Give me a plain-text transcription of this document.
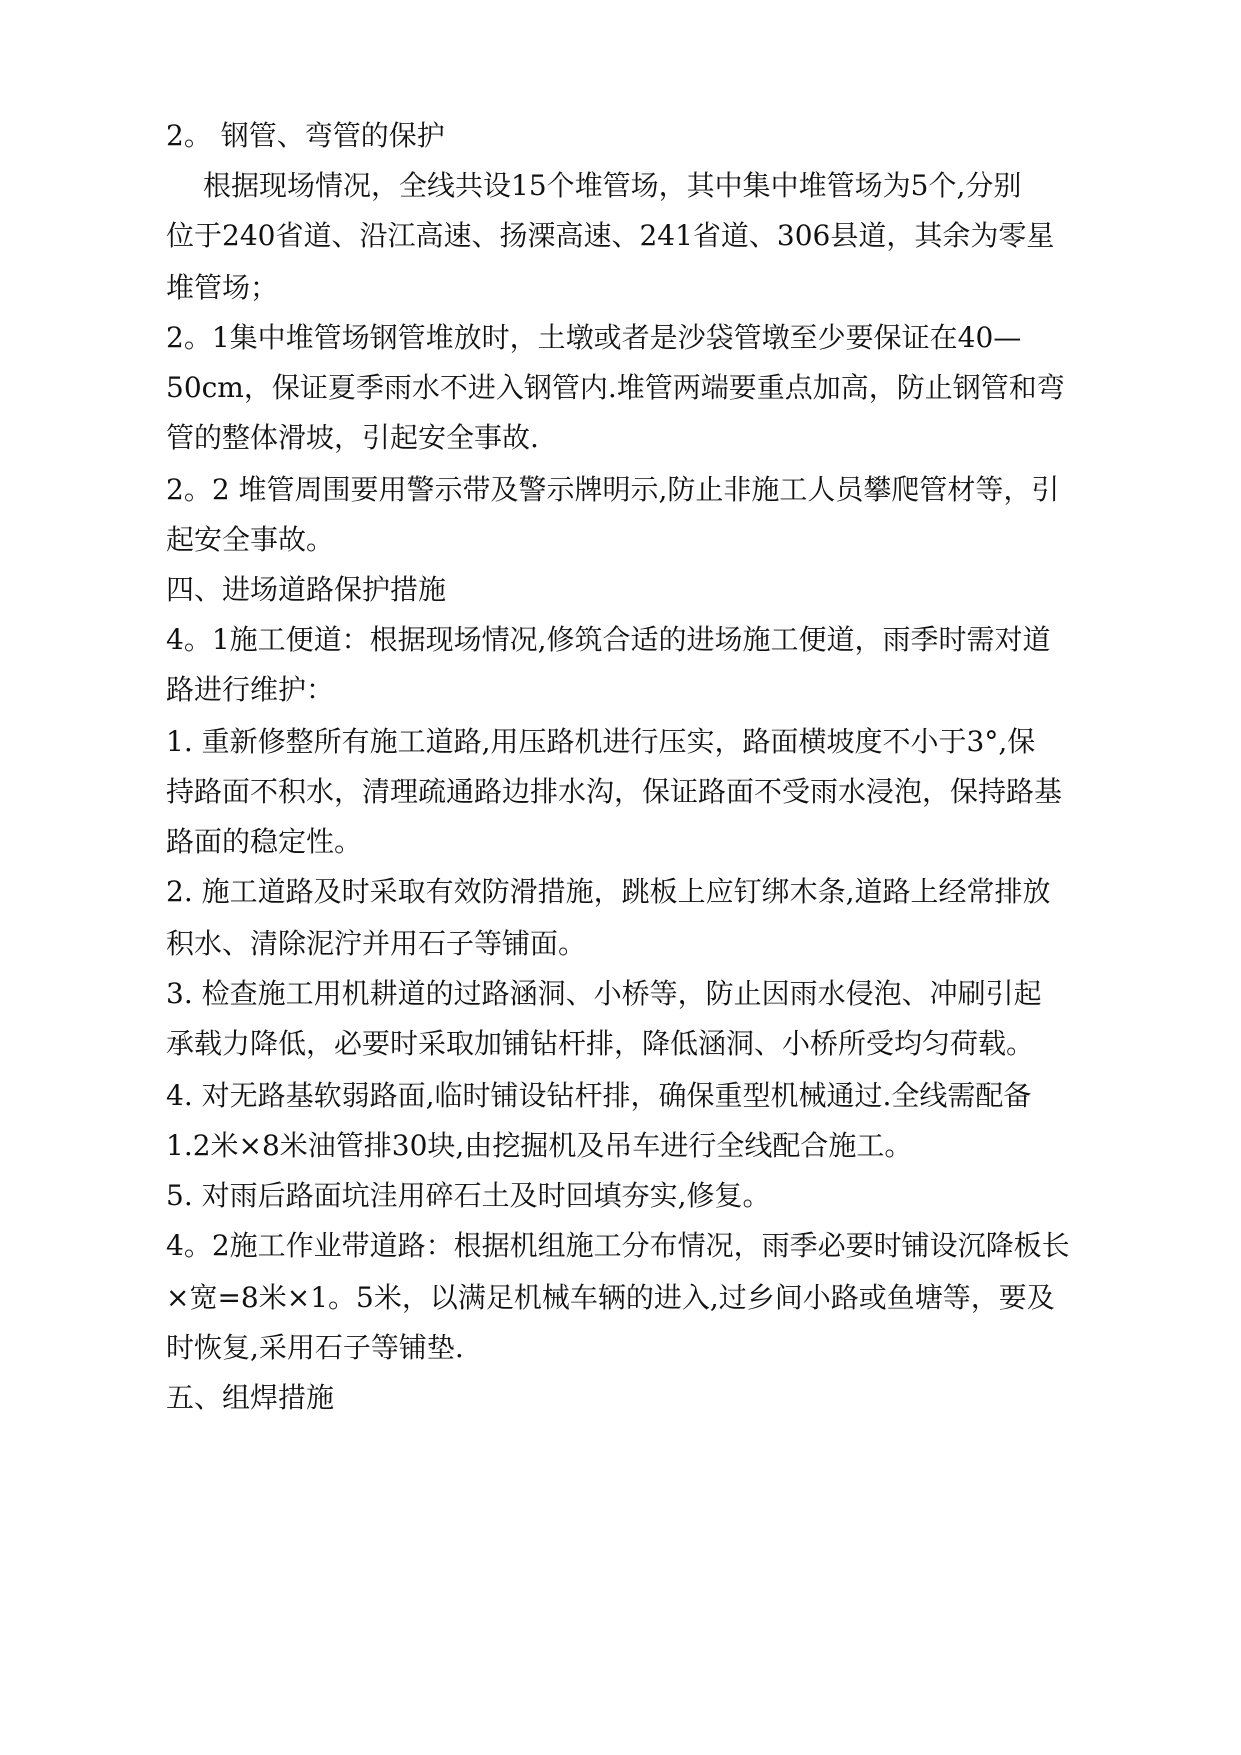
2。 钢管、弯管的保护
根据现场情况，全线共设15个堆管场，其中集中堆管场为5个,分别
位于240省道、沿江高速、扬溧高速、241省道、306县道，其余为零星
堆管场；
2。1集中堆管场钢管堆放时，土墩或者是沙袋管墩至少要保证在40—
50cm，保证夏季雨水不进入钢管内.堆管两端要重点加高，防止钢管和弯
管的整体滑坡，引起安全事故.
2。2 堆管周围要用警示带及警示牌明示,防止非施工人员攀爬管材等，引
起安全事故。
四、进场道路保护措施
4。1施工便道：根据现场情况,修筑合适的进场施工便道，雨季时需对道
路进行维护：
1. 重新修整所有施工道路,用压路机进行压实，路面横坡度不小于3°,保
持路面不积水，清理疏通路边排水沟，保证路面不受雨水浸泡，保持路基
路面的稳定性。
2. 施工道路及时采取有效防滑措施，跳板上应钉绑木条,道路上经常排放
积水、清除泥泞并用石子等铺面。
3. 检查施工用机耕道的过路涵洞、小桥等，防止因雨水侵泡、冲刷引起
承载力降低，必要时采取加铺钻杆排，降低涵洞、小桥所受均匀荷载。
4. 对无路基软弱路面,临时铺设钻杆排，确保重型机械通过.全线需配备
1.2米×8米油管排30块,由挖掘机及吊车进行全线配合施工。
5. 对雨后路面坑洼用碎石土及时回填夯实,修复。
4。2施工作业带道路：根据机组施工分布情况，雨季必要时铺设沉降板长
×宽=8米×1。5米，以满足机械车辆的进入,过乡间小路或鱼塘等，要及
时恢复,采用石子等铺垫.
五、组焊措施
